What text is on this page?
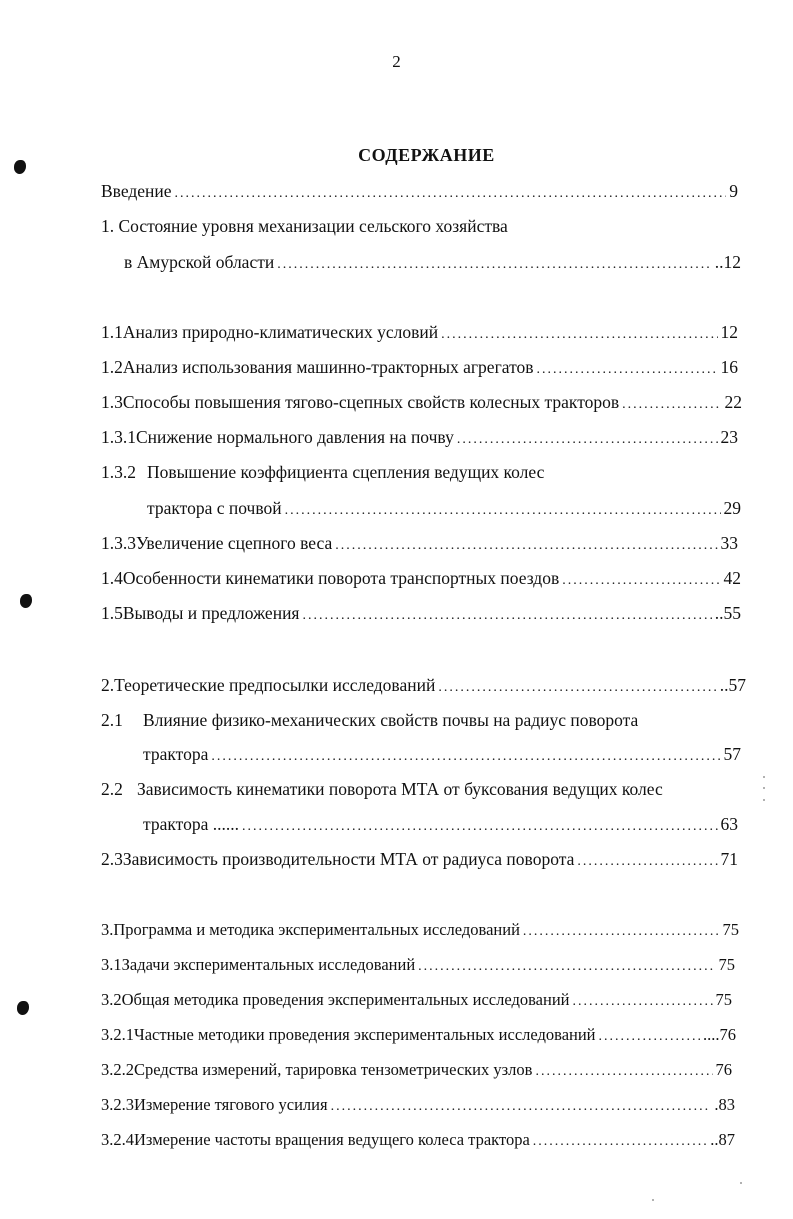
2
СОДЕРЖАНИЕ
Введение .....	9
1. Состояние уровня механизации сельского хозяйства
в Амурской области .....	..12
1.1 Анализ природно-климатических условий .....	12
1.2 Анализ использования машинно-тракторных агрегатов .....	16
1.3 Способы повышения тягово-сцепных свойств колесных тракторов .....	22
1.3.1 Снижение нормального давления на почву .....	23
1.3.2 Повышение коэффициента сцепления ведущих колес
трактора с почвой .....	29
1.3.3 Увеличение сцепного веса .....	33
1.4 Особенности кинематики поворота транспортных поездов .....	42
1.5 Выводы и предложения .....	..55
2. Теоретические предпосылки исследований .....	..57
2.1	Влияние физико-механических свойств почвы на радиус поворота
трактора .....	57
2.2 Зависимость кинематики поворота МТА от буксования ведущих колес
трактора ...... .....	63
2.3 Зависимость производительности МТА от радиуса поворота .....	71
3. Программа и методика экспериментальных исследований .....	75
3.1 Задачи экспериментальных исследований .....	75
3.2 Общая методика проведения экспериментальных исследований .....	75
3.2.1 Частные методики проведения экспериментальных исследований .....	....76
3.2.2 Средства измерений, тарировка тензометрических узлов .....	76
3.2.3 Измерение тягового усилия .....	.83
3.2.4 Измерение частоты вращения ведущего колеса трактора .....	..87
